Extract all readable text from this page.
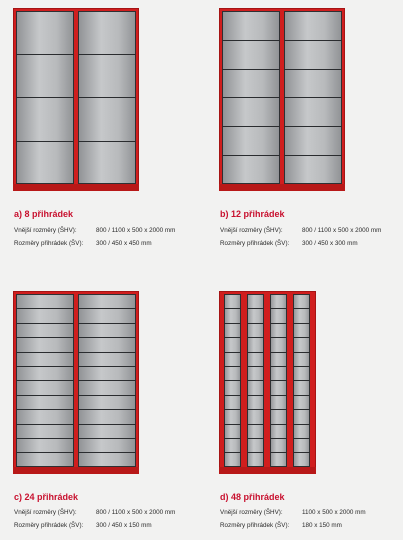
a) 8 přihrádek
Vnější rozměry (ŠHV):	800 / 1100 x 500 x 2000 mm
Rozměry přihrádek (ŠV): 300 / 450 x 450 mm
b) 12 přihrádek
Vnější rozměry (ŠHV):	800 / 1100 x 500 x 2000 mm
Rozměry přihrádek (ŠV): 300 / 450 x 300 mm
c) 24 přihrádek
Vnější rozměry (ŠHV):	800 / 1100 x 500 x 2000 mm
Rozměry přihrádek (ŠV): 300 / 450 x 150 mm
d) 48 přihrádek
Vnější rozměry (ŠHV):	1100 x 500 x 2000 mm
Rozměry přihrádek (ŠV): 180 x 150 mm
